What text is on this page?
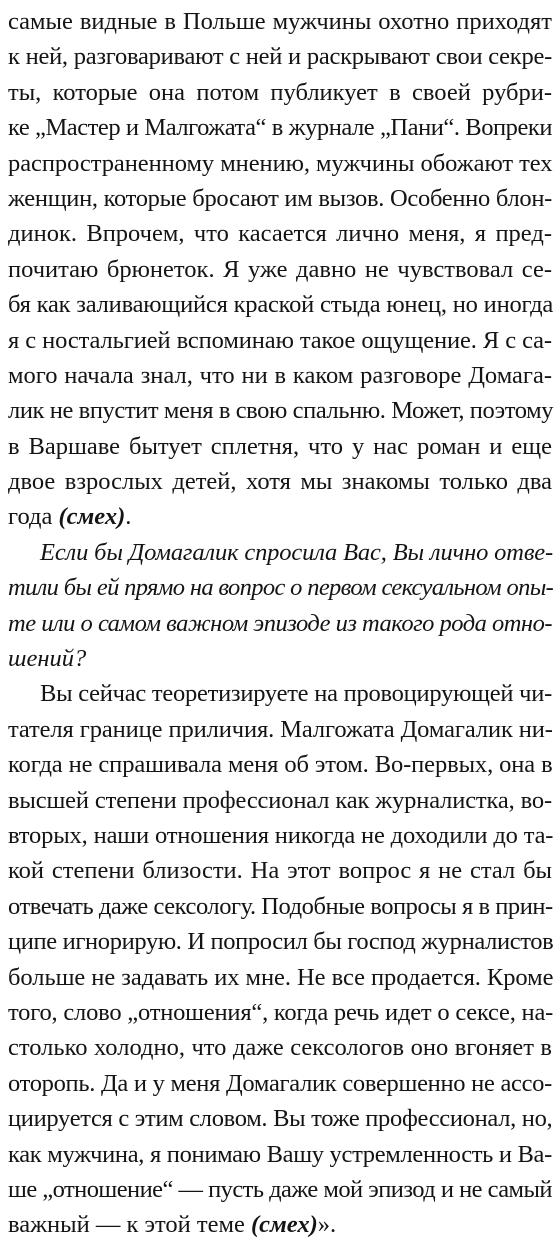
самые видные в Польше мужчины охотно приходят
к ней, разговаривают с ней и раскрывают свои секре-
ты, которые она потом публикует в своей рубри-
ке „Мастер и Малгожата“ в журнале „Пани“. Вопреки
распространенному мнению, мужчины обожают тех
женщин, которые бросают им вызов. Особенно блон-
динок. Впрочем, что касается лично меня, я пред-
почитаю брюнеток. Я уже давно не чувствовал се-
бя как заливающийся краской стыда юнец, но иногда
я с ностальгией вспоминаю такое ощущение. Я с са-
мого начала знал, что ни в каком разговоре Домага-
лик не впустит меня в свою спальню. Может, поэтому
в Варшаве бытует сплетня, что у нас роман и еще
двое взрослых детей, хотя мы знакомы только два
года (смех).
Если бы Домагалик спросила Вас, Вы лично отве-
тили бы ей прямо на вопрос о первом сексуальном опы-
те или о самом важном эпизоде из такого рода отно-
шений?
Вы сейчас теоретизируете на провоцирующей чи-
тателя границе приличия. Малгожата Домагалик ни-
когда не спрашивала меня об этом. Во-первых, она в
высшей степени профессионал как журналистка, во-
вторых, наши отношения никогда не доходили до та-
кой степени близости. На этот вопрос я не стал бы
отвечать даже сексологу. Подобные вопросы я в прин-
ципе игнорирую. И попросил бы господ журналистов
больше не задавать их мне. Не все продается. Кроме
того, слово „отношения“, когда речь идет о сексе, на-
столько холодно, что даже сексологов оно вгоняет в
оторопь. Да и у меня Домагалик совершенно не ассо-
циируется с этим словом. Вы тоже профессионал, но,
как мужчина, я понимаю Вашу устремленность и Ва-
ше „отношение“ — пусть даже мой эпизод и не самый
важный — к этой теме (смех)».
